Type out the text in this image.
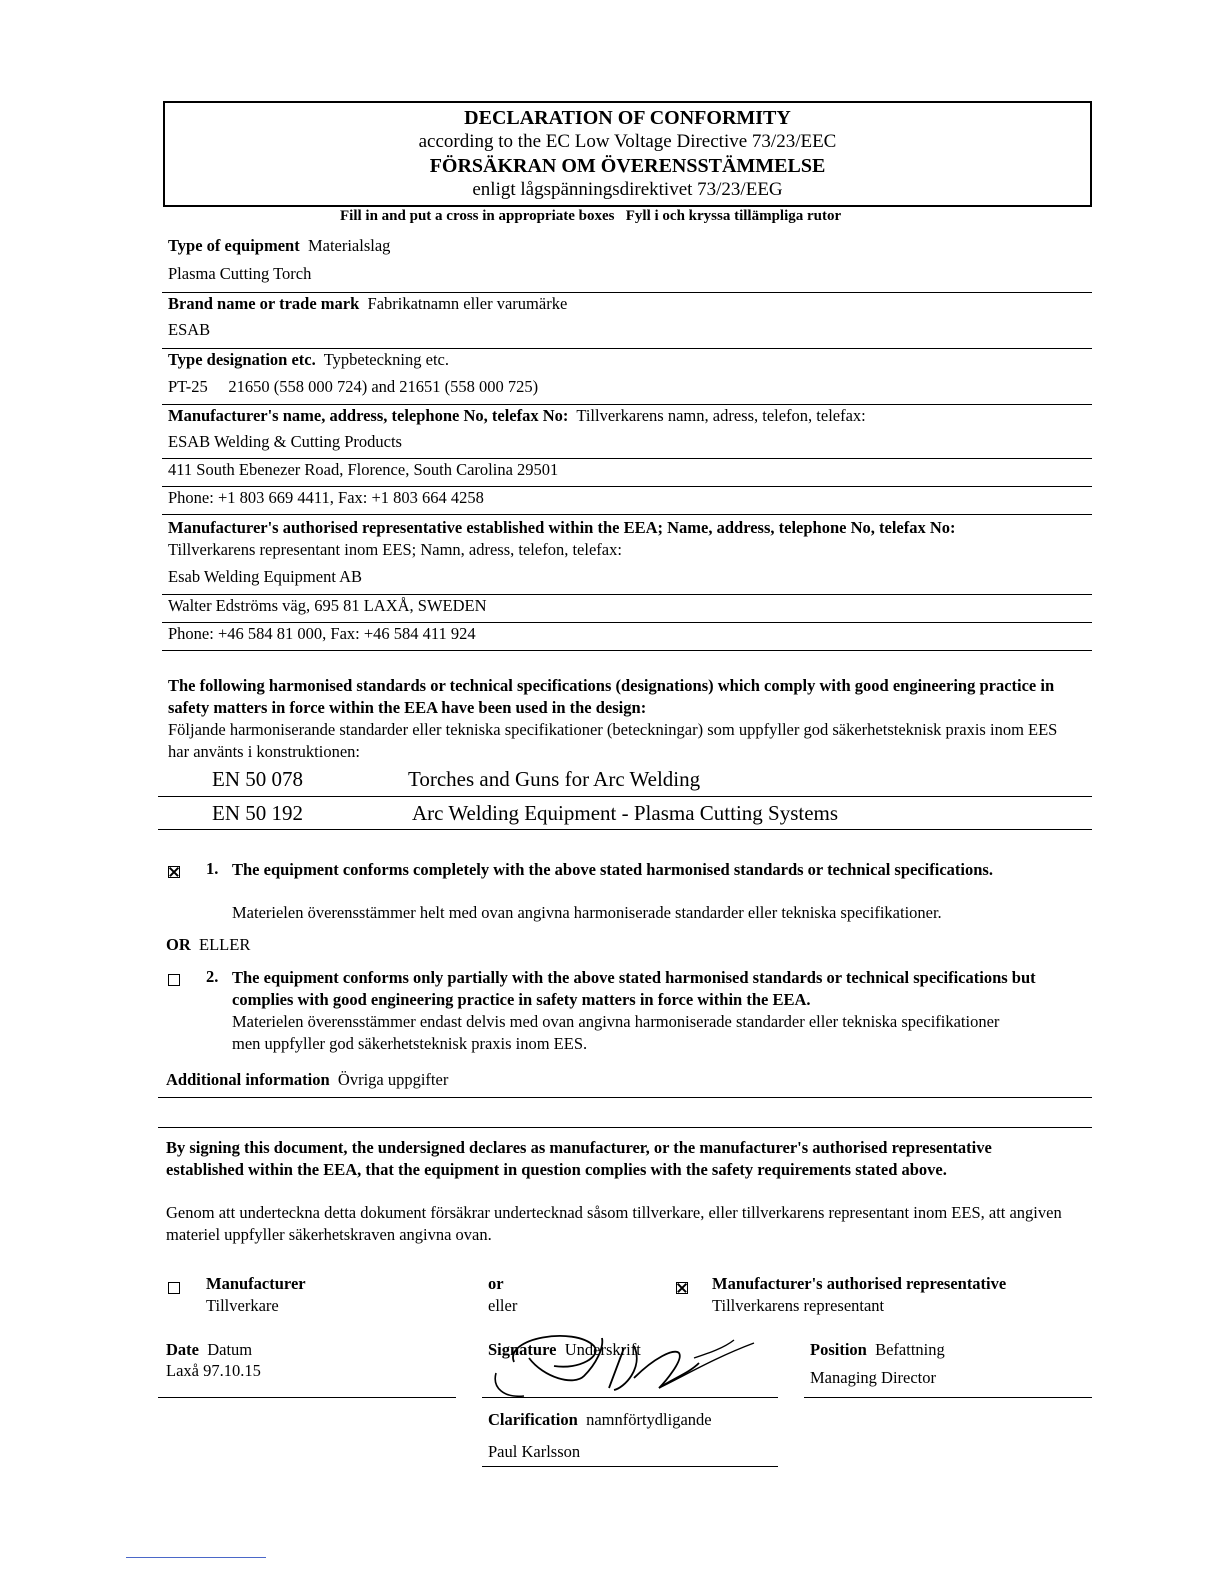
DECLARATION OF CONFORMITY
according to the EC Low Voltage Directive 73/23/EEC
FÖRSÄKRAN OM ÖVERENSSTÄMMELSE
enligt lågspänningsdirektivet 73/23/EEG
Fill in and put a cross in appropriate boxes Fyll i och kryssa tillämpliga rutor
Type of equipment Materialslag
Plasma Cutting Torch
Brand name or trade mark Fabrikatnamn eller varumärke
ESAB
Type designation etc. Typbeteckning etc.
PT-25     21650 (558 000 724) and 21651 (558 000 725)
Manufacturer's name, address, telephone No, telefax No: Tillverkarens namn, adress, telefon, telefax:
ESAB Welding & Cutting Products
411 South Ebenezer Road, Florence, South Carolina 29501
Phone: +1 803 669 4411, Fax: +1 803 664 4258
Manufacturer's authorised representative established within the EEA; Name, address, telephone No, telefax No:
Tillverkarens representant inom EES; Namn, adress, telefon, telefax:
Esab Welding Equipment AB
Walter Edströms väg, 695 81 LAXÅ, SWEDEN
Phone: +46 584 81 000, Fax: +46 584 411 924
The following harmonised standards or technical specifications (designations) which comply with good engineering practice in safety matters in force within the EEA have been used in the design:
Följande harmoniserande standarder eller tekniska specifikationer (beteckningar) som uppfyller god säkerhetsteknisk praxis inom EES har använts i konstruktionen:
EN 50 078	Torches and Guns for Arc Welding
EN 50 192	Arc Welding Equipment - Plasma Cutting Systems
1. The equipment conforms completely with the above stated harmonised standards or technical specifications.
Materielen överensstämmer helt med ovan angivna harmoniserade standarder eller tekniska specifikationer.
OR ELLER
2. The equipment conforms only partially with the above stated harmonised standards or technical specifications but complies with good engineering practice in safety matters in force within the EEA.
Materielen överensstämmer endast delvis med ovan angivna harmoniserade standarder eller tekniska specifikationer men uppfyller god säkerhetsteknisk praxis inom EES.
Additional information Övriga uppgifter
By signing this document, the undersigned declares as manufacturer, or the manufacturer's authorised representative established within the EEA, that the equipment in question complies with the safety requirements stated above.
Genom att underteckna detta dokument försäkrar undertecknad såsom tillverkare, eller tillverkarens representant inom EES, att angiven materiel uppfyller säkerhetskraven angivna ovan.
Manufacturer
Tillverkare
or
eller
Manufacturer's authorised representative
Tillverkarens representant
Date Datum
Laxå 97.10.15
Signature Underskrift	Position Befattning
Managing Director
Clarification namnförtydligande
Paul Karlsson
